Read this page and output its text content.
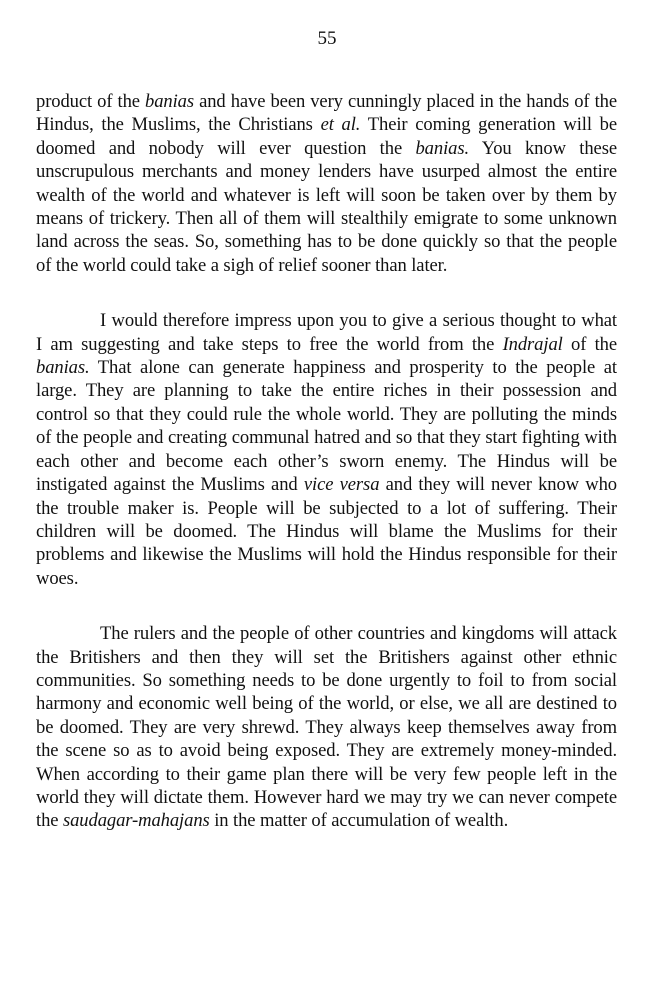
55

product of the banias and have been very cunningly placed in the hands of the Hindus, the Muslims, the Christians et al. Their coming generation will be doomed and nobody will ever question the banias. You know these unscrupulous merchants and money lenders have usurped almost the entire wealth of the world and whatever is left will soon be taken over by them by means of trickery. Then all of them will stealthily emigrate to some unknown land across the seas. So, something has to be done quickly so that the people of the world could take a sigh of relief sooner than later.

I would therefore impress upon you to give a serious thought to what I am suggesting and take steps to free the world from the Indrajal of the banias. That alone can generate happiness and prosperity to the people at large. They are planning to take the entire riches in their possession and control so that they could rule the whole world. They are polluting the minds of the people and creating communal hatred and so that they start fighting with each other and become each other’s sworn enemy. The Hindus will be instigated against the Muslims and vice versa and they will never know who the trouble maker is. People will be subjected to a lot of suffering. Their children will be doomed. The Hindus will blame the Muslims for their problems and likewise the Muslims will hold the Hindus responsible for their woes.

The rulers and the people of other countries and kingdoms will attack the Britishers and then they will set the Britishers against other ethnic communities. So something needs to be done urgently to foil to from social harmony and economic well being of the world, or else, we all are destined to be doomed. They are very shrewd. They always keep themselves away from the scene so as to avoid being exposed. They are extremely money-minded. When according to their game plan there will be very few people left in the world they will dictate them. However hard we may try we can never compete the saudagar-mahajans in the matter of accumulation of wealth.
